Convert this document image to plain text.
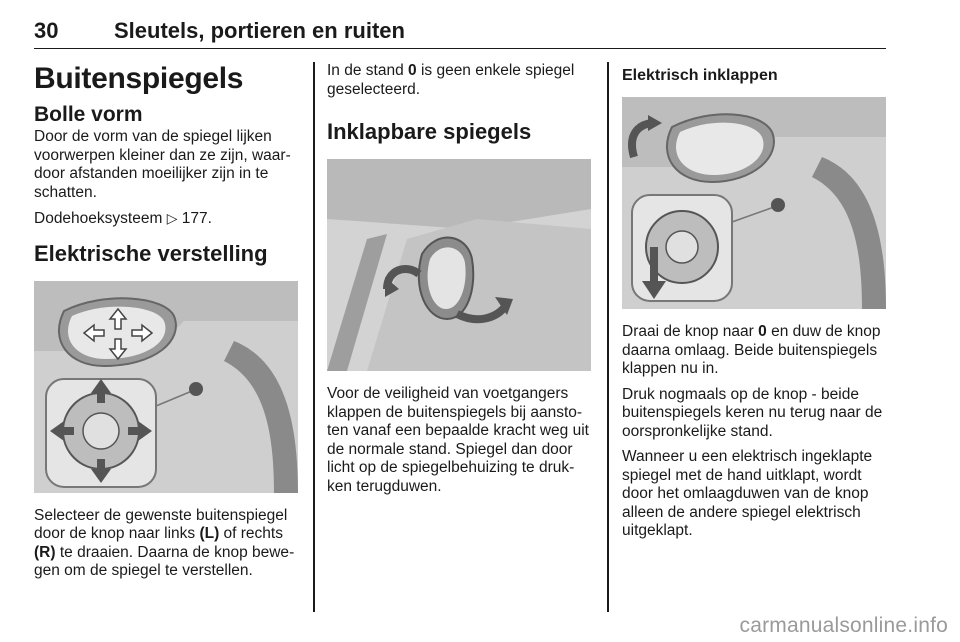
30	Sleutels, portieren en ruiten
Buitenspiegels
Bolle vorm

Door de vorm van de spiegel lijken voorwerpen kleiner dan ze zijn, waardoor afstanden moeilijker zijn in te schatten.

Dodehoeksysteem ▷ 177.

Elektrische verstelling

Selecteer de gewenste buitenspiegel door de knop naar links (L) of rechts (R) te draaien. Daarna de knop bewegen om de spiegel te verstellen.

In de stand 0 is geen enkele spiegel geselecteerd.

Inklapbare spiegels

Voor de veiligheid van voetgangers klappen de buitenspiegels bij aanstoten vanaf een bepaalde kracht weg uit de normale stand. Spiegel dan door licht op de spiegelbehuizing te drukken terugduwen.

Elektrisch inklappen

Draai de knop naar 0 en duw de knop daarna omlaag. Beide buitenspiegels klappen nu in.

Druk nogmaals op de knop - beide buitenspiegels keren nu terug naar de oorspronkelijke stand.

Wanneer u een elektrisch ingeklapte spiegel met de hand uitklapt, wordt door het omlaagduwen van de knop alleen de andere spiegel elektrisch uitgeklapt.

carmanualsonline.info
